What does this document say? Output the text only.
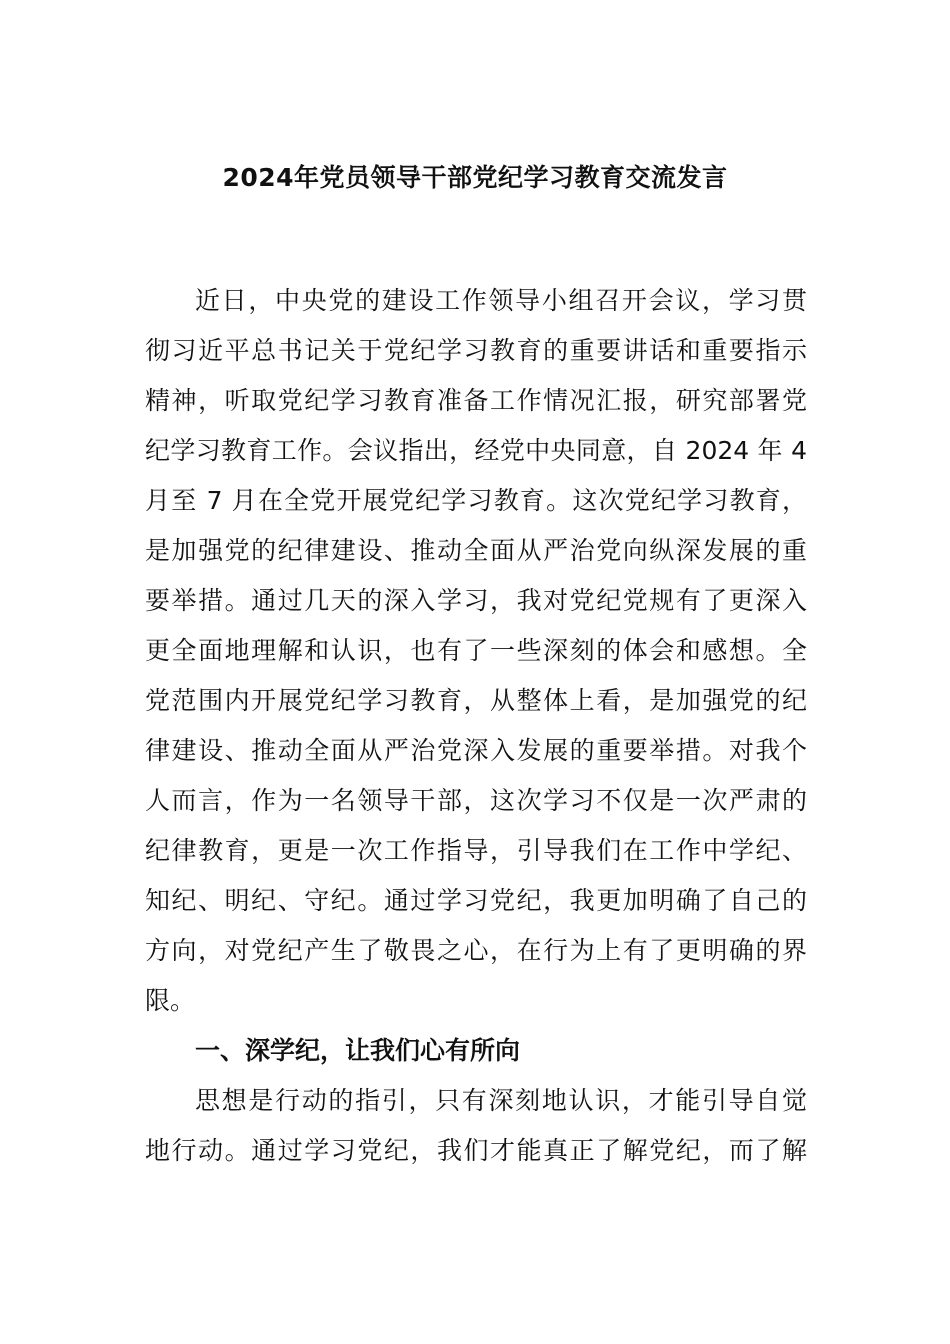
2024年党员领导干部党纪学习教育交流发言
近日，中央党的建设工作领导小组召开会议，学习贯
彻习近平总书记关于党纪学习教育的重要讲话和重要指示
精神，听取党纪学习教育准备工作情况汇报，研究部署党
纪学习教育工作。会议指出，经党中央同意，自 2024 年 4
月至 7 月在全党开展党纪学习教育。这次党纪学习教育，
是加强党的纪律建设、推动全面从严治党向纵深发展的重
要举措。通过几天的深入学习，我对党纪党规有了更深入
更全面地理解和认识，也有了一些深刻的体会和感想。全
党范围内开展党纪学习教育，从整体上看，是加强党的纪
律建设、推动全面从严治党深入发展的重要举措。对我个
人而言，作为一名领导干部，这次学习不仅是一次严肃的
纪律教育，更是一次工作指导，引导我们在工作中学纪、
知纪、明纪、守纪。通过学习党纪，我更加明确了自己的
方向，对党纪产生了敬畏之心，在行为上有了更明确的界
限。
一、深学纪，让我们心有所向
思想是行动的指引，只有深刻地认识，才能引导自觉
地行动。通过学习党纪，我们才能真正了解党纪，而了解
